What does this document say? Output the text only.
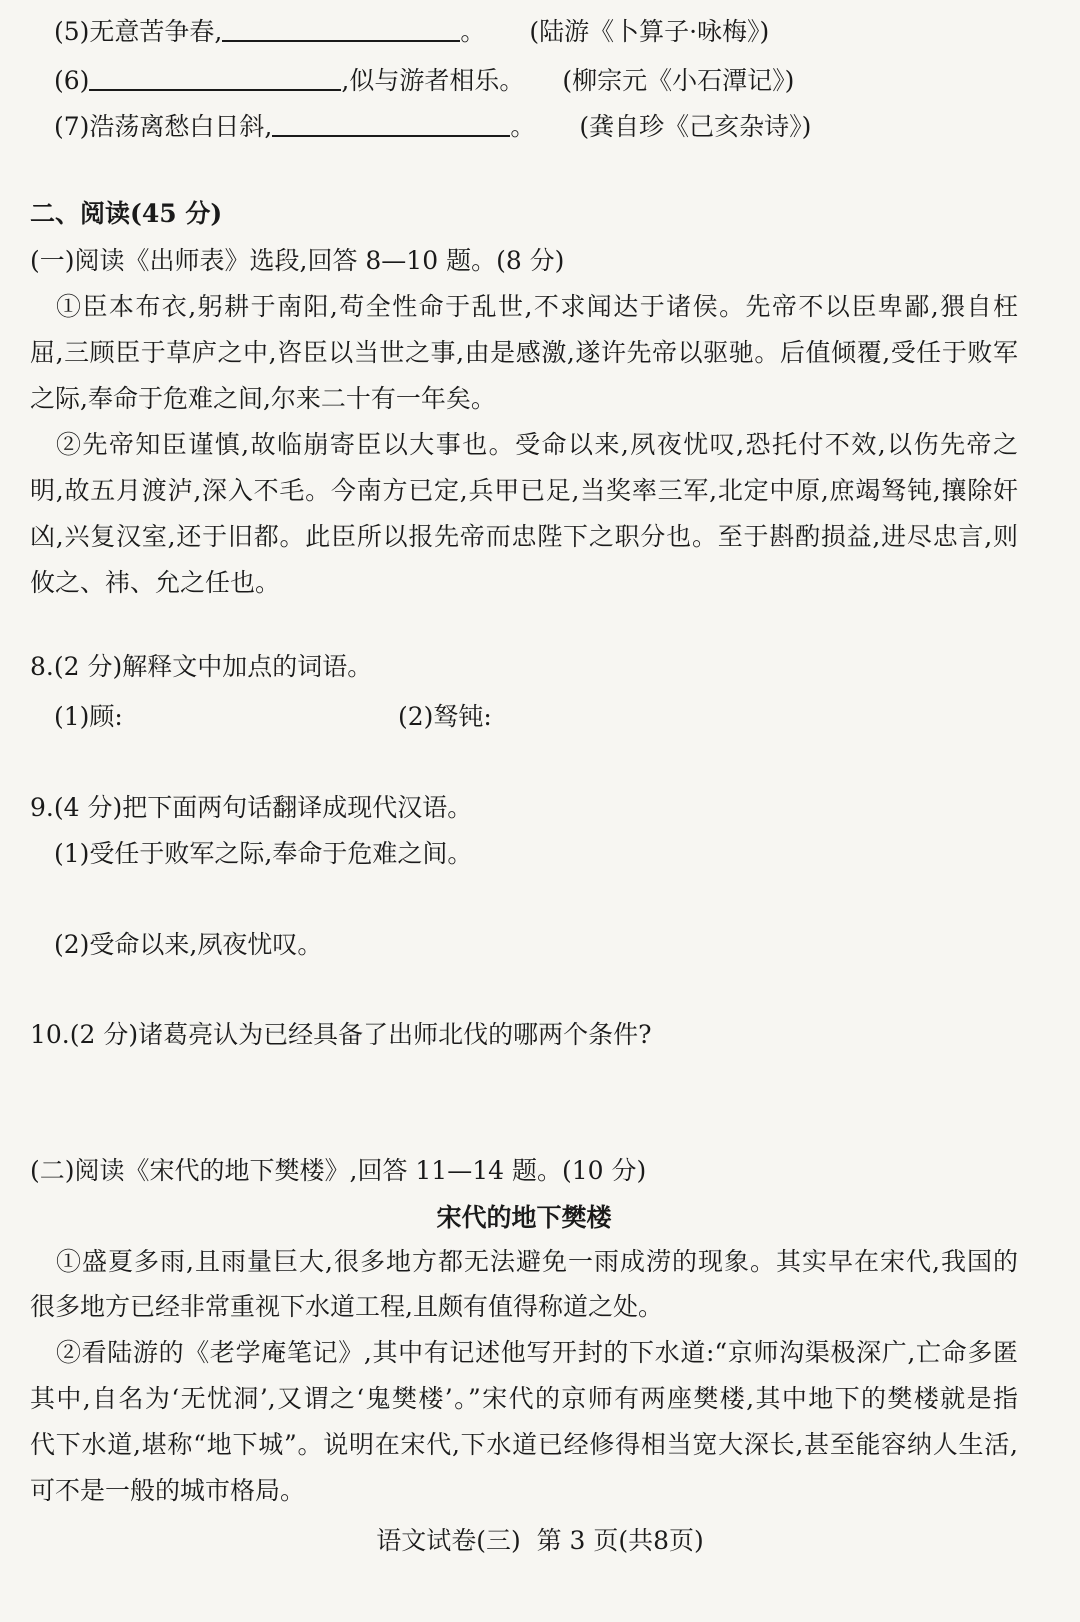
(5)无意苦争春,	。 (陆游《卜算子·咏梅》)
(6)	,似与游者相乐。 (柳宗元《小石潭记》)
(7)浩荡离愁白日斜,	。 (龚自珍《己亥杂诗》)
二、阅读(45 分)
(一)阅读《出师表》选段,回答 8—10 题。(8 分)
①臣本布衣,躬耕于南阳,苟全性命于乱世,不求闻达于诸侯。先帝不以臣卑鄙,猥自枉
屈,三顾臣于草庐之中,咨臣以当世之事,由是感激,遂许先帝以驱驰。后值倾覆,受任于败军
之际,奉命于危难之间,尔来二十有一年矣。
②先帝知臣谨慎,故临崩寄臣以大事也。受命以来,夙夜忧叹,恐托付不效,以伤先帝之
明,故五月渡泸,深入不毛。今南方已定,兵甲已足,当奖率三军,北定中原,庶竭驽钝,攘除奸
凶,兴复汉室,还于旧都。此臣所以报先帝而忠陛下之职分也。至于斟酌损益,进尽忠言,则
攸之、祎、允之任也。
8.(2 分)解释文中加点的词语。
(1)顾:	(2)驽钝:
9.(4 分)把下面两句话翻译成现代汉语。
(1)受任于败军之际,奉命于危难之间。
(2)受命以来,夙夜忧叹。
10.(2 分)诸葛亮认为已经具备了出师北伐的哪两个条件?
(二)阅读《宋代的地下樊楼》,回答 11—14 题。(10 分)
宋代的地下樊楼
①盛夏多雨,且雨量巨大,很多地方都无法避免一雨成涝的现象。其实早在宋代,我国的
很多地方已经非常重视下水道工程,且颇有值得称道之处。
②看陆游的《老学庵笔记》,其中有记述他写开封的下水道:“京师沟渠极深广,亡命多匿
其中,自名为‘无忧洞’,又谓之‘鬼樊楼’。”宋代的京师有两座樊楼,其中地下的樊楼就是指
代下水道,堪称“地下城”。说明在宋代,下水道已经修得相当宽大深长,甚至能容纳人生活,
可不是一般的城市格局。
语文试卷(三)  第 3 页(共8页)
